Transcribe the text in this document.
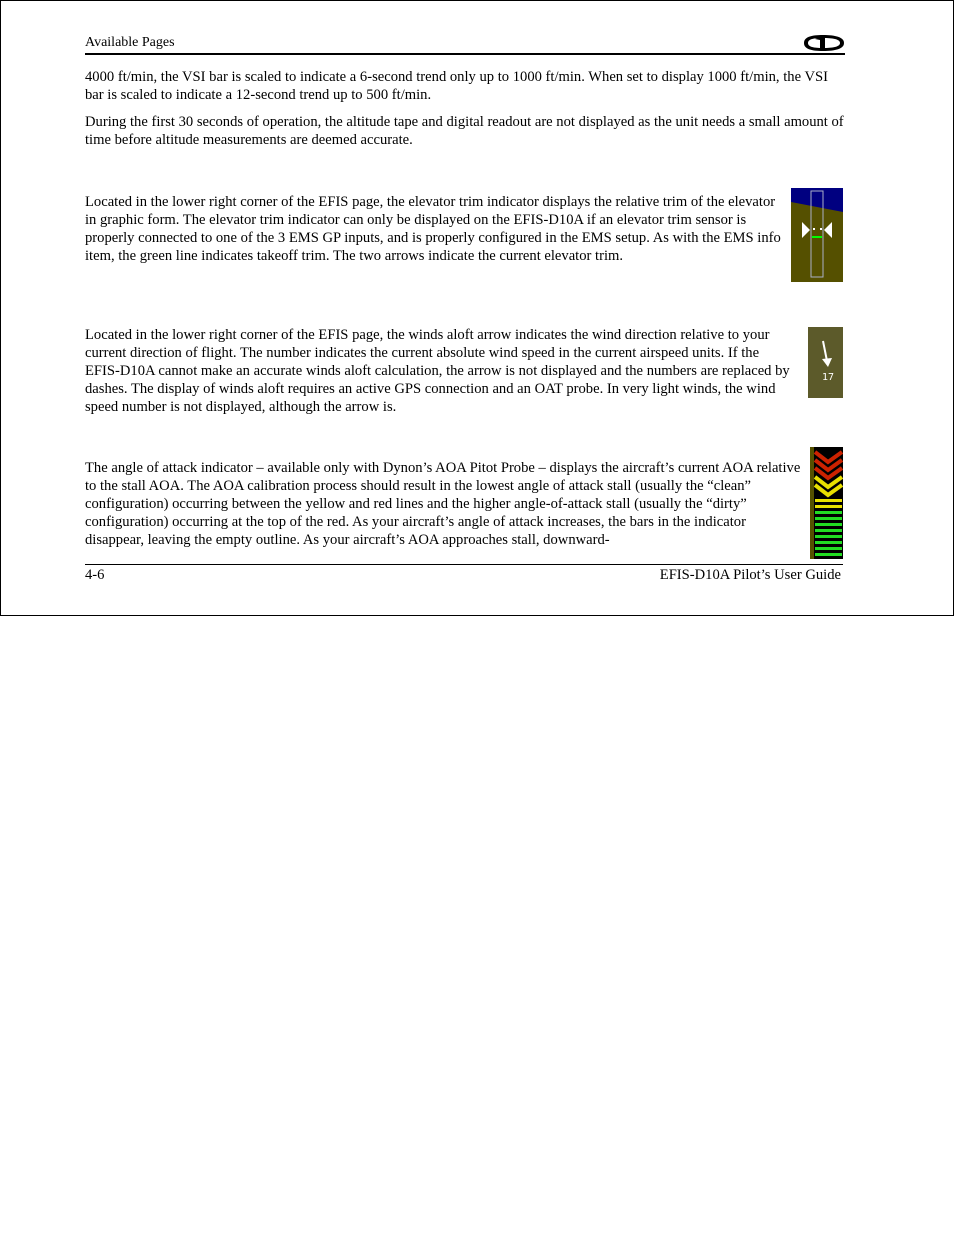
Available Pages

4000 ft/min, the VSI bar is scaled to indicate a 6-second trend only up to 1000 ft/min. When set to display 1000 ft/min, the VSI bar is scaled to indicate a 12-second trend up to 500 ft/min.

During the first 30 seconds of operation, the altitude tape and digital readout are not displayed as the unit needs a small amount of time before altitude measurements are deemed accurate.

Located in the lower right corner of the EFIS page, the elevator trim indicator displays the relative trim of the elevator in graphic form. The elevator trim indicator can only be displayed on the EFIS-D10A if an elevator trim sensor is properly connected to one of the 3 EMS GP inputs, and is properly configured in the EMS setup. As with the EMS info item, the green line indicates takeoff trim. The two arrows indicate the current elevator trim.

Located in the lower right corner of the EFIS page, the winds aloft arrow indicates the wind direction relative to your current direction of flight. The number indicates the current absolute wind speed in the current airspeed units. If the EFIS-D10A cannot make an accurate winds aloft calculation, the arrow is not displayed and the numbers are replaced by dashes. The display of winds aloft requires an active GPS connection and an OAT probe. In very light winds, the wind speed number is not displayed, although the arrow is.

The angle of attack indicator – available only with Dynon’s AOA Pitot Probe – displays the aircraft’s current AOA relative to the stall AOA. The AOA calibration process should result in the lowest angle of attack stall (usually the “clean” configuration) occurring between the yellow and red lines and the higher angle-of-attack stall (usually the “dirty” configuration) occurring at the top of the red. As your aircraft’s angle of attack increases, the bars in the indicator disappear, leaving the empty outline. As your aircraft’s AOA approaches stall, downward-

17
4-6	EFIS-D10A Pilot’s User Guide
